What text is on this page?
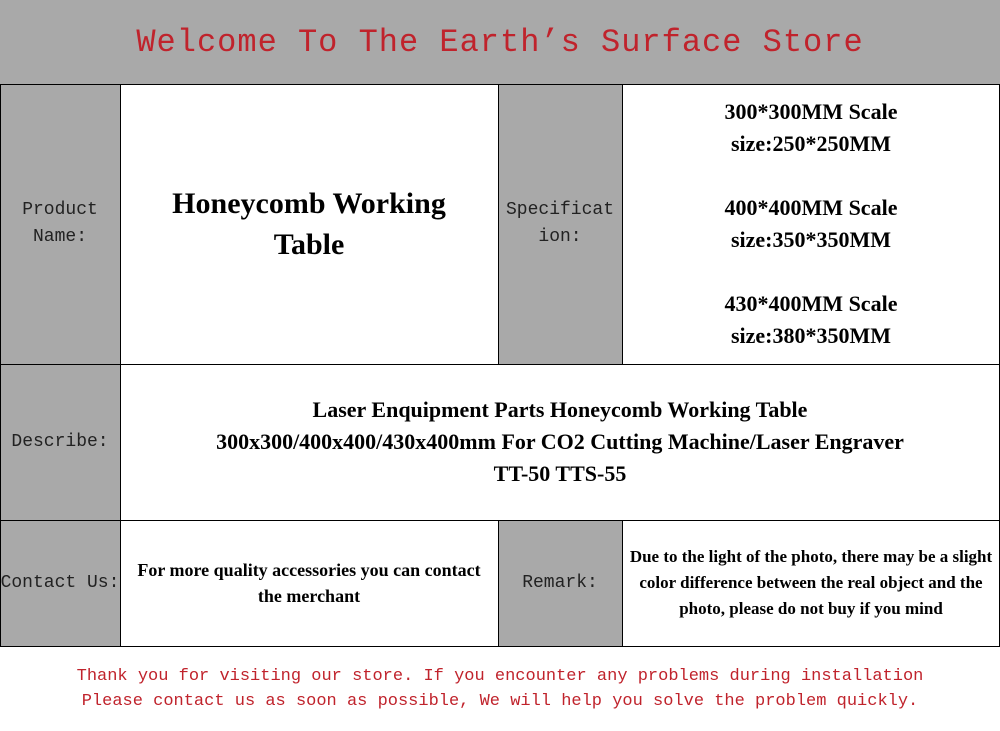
Welcome To The Earth’s Surface Store
Product Name:
Honeycomb Working Table
Specification:
300*300MM Scale
size:250*250MM
400*400MM Scale
size:350*350MM
430*400MM Scale
size:380*350MM
Describe:
Laser Enquipment Parts Honeycomb Working Table
300x300/400x400/430x400mm For CO2 Cutting Machine/Laser Engraver
TT-50 TTS-55
Contact Us:
For more quality accessories you can contact the merchant
Remark:
Due to the light of the photo, there may be a slight color difference between the real object and the photo, please do not buy if you mind
Thank you for visiting our store. If you encounter any problems during installation
Please contact us as soon as possible, We will help you solve the problem quickly.
